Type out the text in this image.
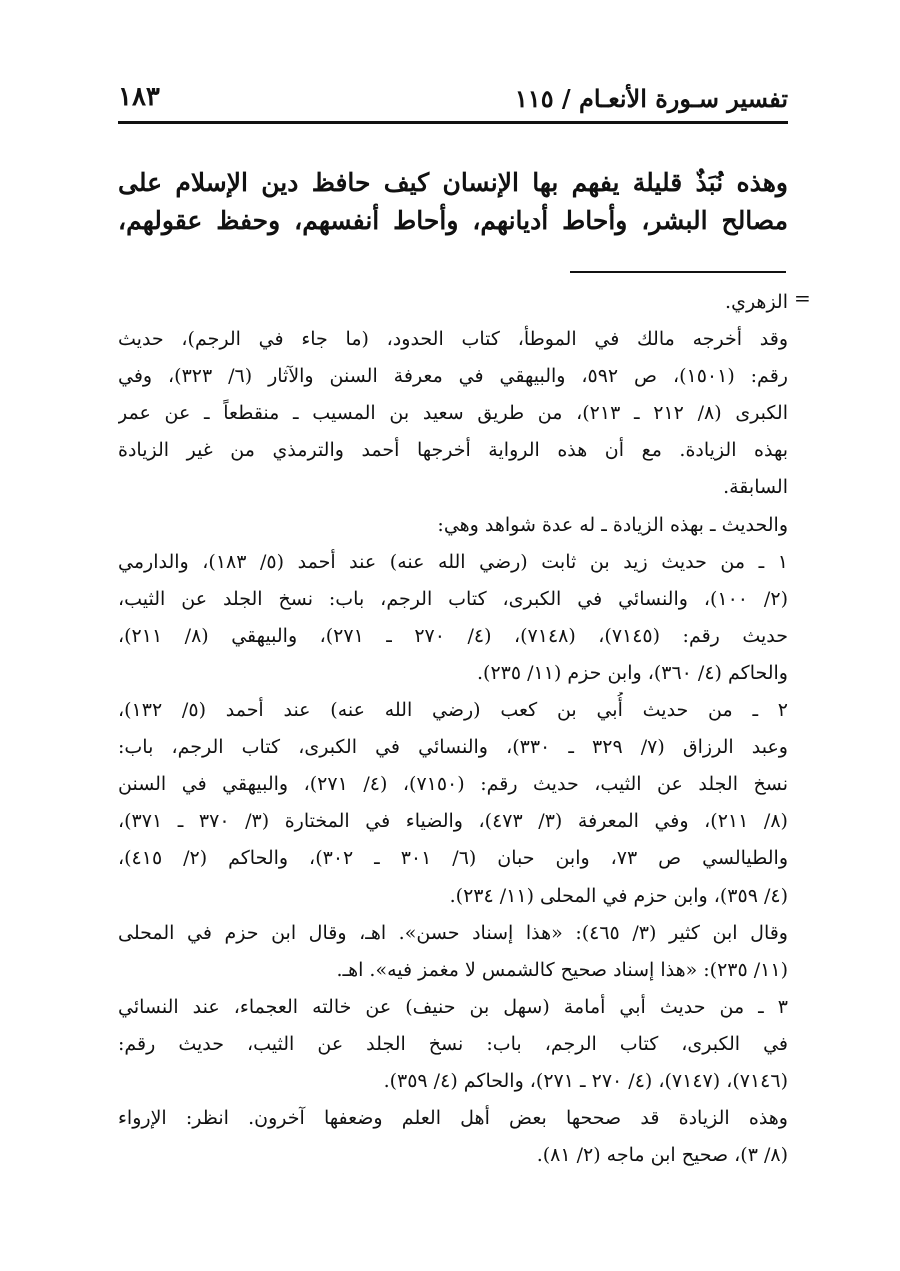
تفسير سـورة الأنعـام / ١١٥
١٨٣
وهذه نُبَذٌ قليلة يفهم بها الإنسان كيف حافظ دين الإسلام على
مصالح البشر، وأحاط أديانهم، وأحاط أنفسهم، وحفظ عقولهم،
=
الزهري.
وقد أخرجه مالك في الموطأ، كتاب الحدود، (ما جاء في الرجم)، حديث
رقم: (١٥٠١)، ص ٥٩٢، والبيهقي في معرفة السنن والآثار (٦/ ٣٢٣)، وفي
الكبرى (٨/ ٢١٢ ـ ٢١٣)، من طريق سعيد بن المسيب ـ منقطعاً ـ عن عمر
بهذه الزيادة. مع أن هذه الرواية أخرجها أحمد والترمذي من غير الزيادة
السابقة.
والحديث ـ بهذه الزيادة ـ له عدة شواهد وهي:
١ ـ من حديث زيد بن ثابت (رضي الله عنه) عند أحمد (٥/ ١٨٣)، والدارمي
(٢/ ١٠٠)، والنسائي في الكبرى، كتاب الرجم، باب: نسخ الجلد عن الثيب،
حديث رقم: (٧١٤٥)، (٧١٤٨)، (٤/ ٢٧٠ ـ ٢٧١)، والبيهقي (٨/ ٢١١)،
والحاكم (٤/ ٣٦٠)، وابن حزم (١١/ ٢٣٥).
٢ ـ من حديث أُبي بن كعب (رضي الله عنه) عند أحمد (٥/ ١٣٢)،
وعبد الرزاق (٧/ ٣٢٩ ـ ٣٣٠)، والنسائي في الكبرى، كتاب الرجم، باب:
نسخ الجلد عن الثيب، حديث رقم: (٧١٥٠)، (٤/ ٢٧١)، والبيهقي في السنن
(٨/ ٢١١)، وفي المعرفة (٣/ ٤٧٣)، والضياء في المختارة (٣/ ٣٧٠ ـ ٣٧١)،
والطيالسي ص ٧٣، وابن حبان (٦/ ٣٠١ ـ ٣٠٢)، والحاكم (٢/ ٤١٥)،
(٤/ ٣٥٩)، وابن حزم في المحلى (١١/ ٢٣٤).
وقال ابن كثير (٣/ ٤٦٥): «هذا إسناد حسن». اهـ، وقال ابن حزم في المحلى
(١١/ ٢٣٥): «هذا إسناد صحيح كالشمس لا مغمز فيه». اهـ.
٣ ـ من حديث أبي أمامة (سهل بن حنيف) عن خالته العجماء، عند النسائي
في الكبرى، كتاب الرجم، باب: نسخ الجلد عن الثيب، حديث رقم:
(٧١٤٦)، (٧١٤٧)، (٤/ ٢٧٠ ـ ٢٧١)، والحاكم (٤/ ٣٥٩).
وهذه الزيادة قد صححها بعض أهل العلم وضعفها آخرون. انظر: الإرواء
(٨/ ٣)، صحيح ابن ماجه (٢/ ٨١).
